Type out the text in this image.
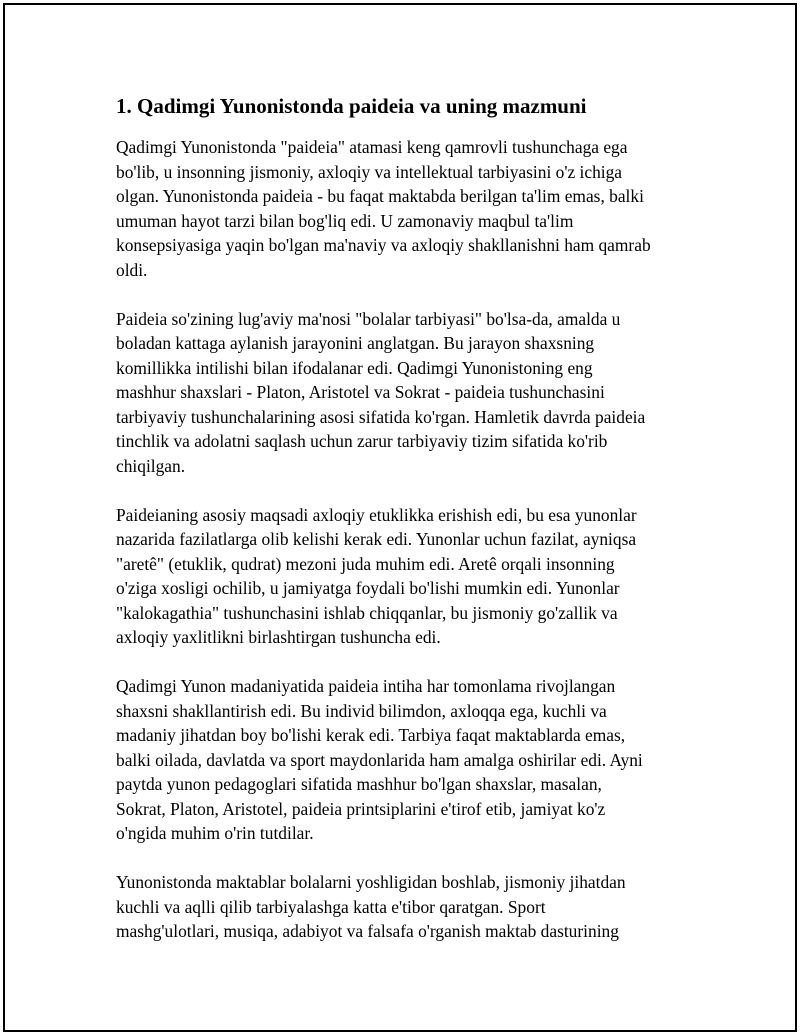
1. Qadimgi Yunonistonda paideia va uning mazmuni

Qadimgi Yunonistonda "paideia" atamasi keng qamrovli tushunchaga ega
bo'lib, u insonning jismoniy, axloqiy va intellektual tarbiyasini o'z ichiga
olgan. Yunonistonda paideia - bu faqat maktabda berilgan ta'lim emas, balki
umuman hayot tarzi bilan bog'liq edi. U zamonaviy maqbul ta'lim
konsepsiyasiga yaqin bo'lgan ma'naviy va axloqiy shakllanishni ham qamrab
oldi.

Paideia so'zining lug'aviy ma'nosi "bolalar tarbiyasi" bo'lsa-da, amalda u
boladan kattaga aylanish jarayonini anglatgan. Bu jarayon shaxsning
komillikka intilishi bilan ifodalanar edi. Qadimgi Yunonistoning eng
mashhur shaxslari - Platon, Aristotel va Sokrat - paideia tushunchasini
tarbiyaviy tushunchalarining asosi sifatida ko'rgan. Hamletik davrda paideia
tinchlik va adolatni saqlash uchun zarur tarbiyaviy tizim sifatida ko'rib
chiqilgan.

Paideianing asosiy maqsadi axloqiy etuklikka erishish edi, bu esa yunonlar
nazarida fazilatlarga olib kelishi kerak edi. Yunonlar uchun fazilat, ayniqsa
"aretê" (etuklik, qudrat) mezoni juda muhim edi. Aretê orqali insonning
o'ziga xosligi ochilib, u jamiyatga foydali bo'lishi mumkin edi. Yunonlar
"kalokagathia" tushunchasini ishlab chiqqanlar, bu jismoniy go'zallik va
axloqiy yaxlitlikni birlashtirgan tushuncha edi.

Qadimgi Yunon madaniyatida paideia intiha har tomonlama rivojlangan
shaxsni shakllantirish edi. Bu individ bilimdon, axloqqa ega, kuchli va
madaniy jihatdan boy bo'lishi kerak edi. Tarbiya faqat maktablarda emas,
balki oilada, davlatda va sport maydonlarida ham amalga oshirilar edi. Ayni
paytda yunon pedagoglari sifatida mashhur bo'lgan shaxslar, masalan,
Sokrat, Platon, Aristotel, paideia printsiplarini e'tirof etib, jamiyat ko'z
o'ngida muhim o'rin tutdilar.

Yunonistonda maktablar bolalarni yoshligidan boshlab, jismoniy jihatdan
kuchli va aqlli qilib tarbiyalashga katta e'tibor qaratgan. Sport
mashg'ulotlari, musiqa, adabiyot va falsafa o'rganish maktab dasturining
